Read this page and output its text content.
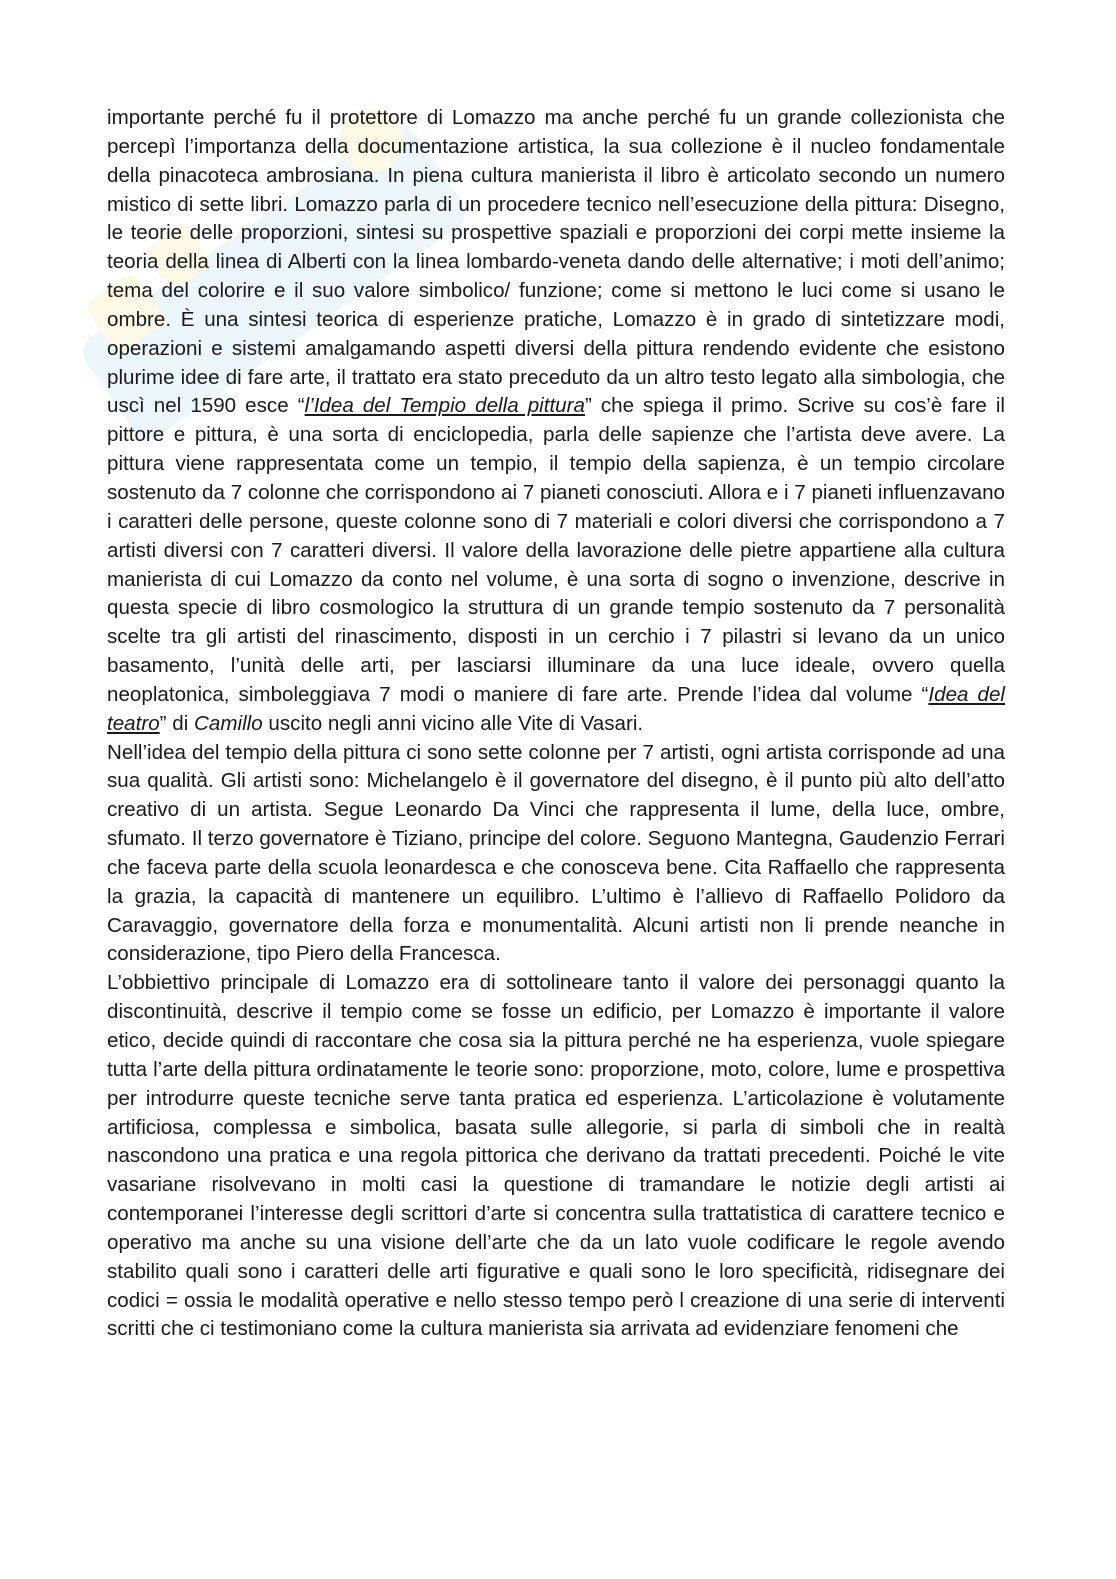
importante perché fu il protettore di Lomazzo ma anche perché fu un grande collezionista che percepì l’importanza della documentazione artistica, la sua collezione è il nucleo fondamentale della pinacoteca ambrosiana. In piena cultura manierista il libro è articolato secondo un numero mistico di sette libri. Lomazzo parla di un procedere tecnico nell’esecuzione della pittura: Disegno, le teorie delle proporzioni, sintesi su prospettive spaziali e proporzioni dei corpi mette insieme la teoria della linea di Alberti con la linea lombardo-veneta dando delle alternative; i moti dell’animo; tema del colorire e il suo valore simbolico/ funzione; come si mettono le luci come si usano le ombre. È una sintesi teorica di esperienze pratiche, Lomazzo è in grado di sintetizzare modi, operazioni e sistemi amalgamando aspetti diversi della pittura rendendo evidente che esistono plurime idee di fare arte, il trattato era stato preceduto da un altro testo legato alla simbologia, che uscì nel 1590 esce “l’Idea del Tempio della pittura” che spiega il primo. Scrive su cos’è fare il pittore e pittura, è una sorta di enciclopedia, parla delle sapienze che l’artista deve avere. La pittura viene rappresentata come un tempio, il tempio della sapienza, è un tempio circolare sostenuto da 7 colonne che corrispondono ai 7 pianeti conosciuti. Allora e i 7 pianeti influenzavano i caratteri delle persone, queste colonne sono di 7 materiali e colori diversi che corrispondono a 7 artisti diversi con 7 caratteri diversi. Il valore della lavorazione delle pietre appartiene alla cultura manierista di cui Lomazzo da conto nel volume, è una sorta di sogno o invenzione, descrive in questa specie di libro cosmologico la struttura di un grande tempio sostenuto da 7 personalità scelte tra gli artisti del rinascimento, disposti in un cerchio i 7 pilastri si levano da un unico basamento, l’unità delle arti, per lasciarsi illuminare da una luce ideale, ovvero quella neoplatonica, simboleggiava 7 modi o maniere di fare arte. Prende l’idea dal volume “Idea del teatro” di Camillo uscito negli anni vicino alle Vite di Vasari.

Nell’idea del tempio della pittura ci sono sette colonne per 7 artisti, ogni artista corrisponde ad una sua qualità. Gli artisti sono: Michelangelo è il governatore del disegno, è il punto più alto dell’atto creativo di un artista. Segue Leonardo Da Vinci che rappresenta il lume, della luce, ombre, sfumato. Il terzo governatore è Tiziano, principe del colore. Seguono Mantegna, Gaudenzio Ferrari che faceva parte della scuola leonardesca e che conosceva bene. Cita Raffaello che rappresenta la grazia, la capacità di mantenere un equilibro. L’ultimo è l’allievo di Raffaello Polidoro da Caravaggio, governatore della forza e monumentalità. Alcuni artisti non li prende neanche in considerazione, tipo Piero della Francesca.

L’obbiettivo principale di Lomazzo era di sottolineare tanto il valore dei personaggi quanto la discontinuità, descrive il tempio come se fosse un edificio, per Lomazzo è importante il valore etico, decide quindi di raccontare che cosa sia la pittura perché ne ha esperienza, vuole spiegare tutta l’arte della pittura ordinatamente le teorie sono: proporzione, moto, colore, lume e prospettiva per introdurre queste tecniche serve tanta pratica ed esperienza. L’articolazione è volutamente artificiosa, complessa e simbolica, basata sulle allegorie, si parla di simboli che in realtà nascondono una pratica e una regola pittorica che derivano da trattati precedenti. Poiché le vite vasariane risolvevano in molti casi la questione di tramandare le notizie degli artisti ai contemporanei l’interesse degli scrittori d’arte si concentra sulla trattatistica di carattere tecnico e operativo ma anche su una visione dell’arte che da un lato vuole codificare le regole avendo stabilito quali sono i caratteri delle arti figurative e quali sono le loro specificità, ridisegnare dei codici = ossia le modalità operative e nello stesso tempo però l creazione di una serie di interventi scritti che ci testimoniano come la cultura manierista sia arrivata ad evidenziare fenomeni che
